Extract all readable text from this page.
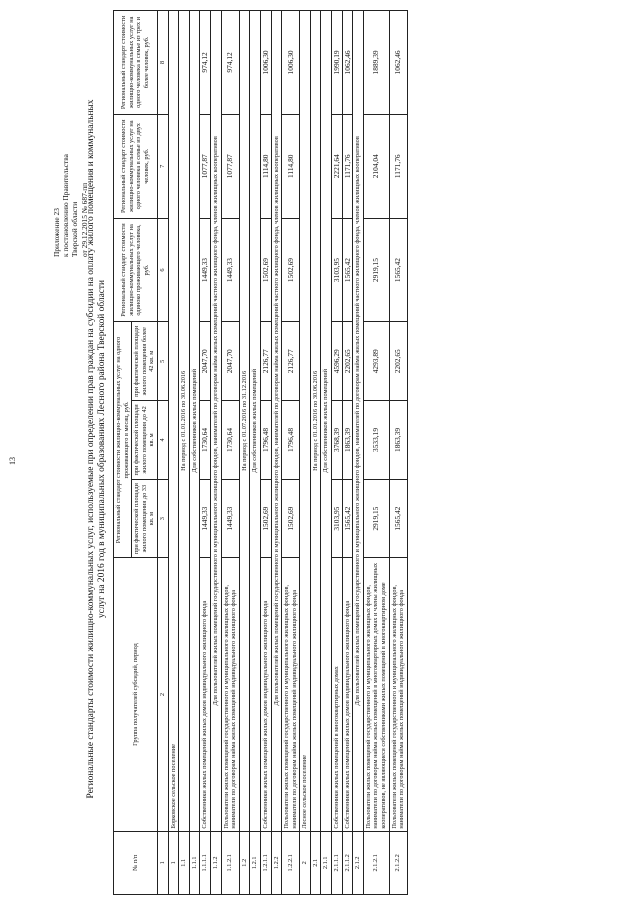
13
Приложение 23 к постановлению Правительства Тверской области от 29.12.2015 № 687-пп
Региональные стандарты стоимости жилищно-коммунальных услуг, используемые при определении прав граждан на субсидии на оплату жилого помещения и коммунальных услуг на 2016 год в муниципальных образованиях Лесного района Тверской области
№ п/п	Группа получателей субсидий, период	Региональный стандарт стоимости жилищно-коммунальных услуг на одного проживающего в месяц, руб.			Региональный стандарт стоимости жилищно-коммунальных услуг на одиноко проживающего человека, руб.	Региональный стандарт стоимости жилищно-коммунальных услуг на одного человека в семье из двух человек, руб.	Региональный стандарт стоимости жилищно-коммунальных услуг на одного человека в семье из трех и более человек, руб.
		при фактической площади жилого помещения до 33 кв. м	при фактической площади жилого помещения до 42 кв. м	при фактической площади жилого помещения более 42 кв. м			
1	2	3	4	5	6	7	8
1	Борковское сельское поселение						
1.1	На период с 01.01.2016 по 30.06.2016						
1.1.1	Для собственников жилых помещений						
1.1.1.1	Собственники жилых помещений жилых домов индивидуального жилищного фонда	1449,33	1730,64	2047,70	1449,33	1077,87	974,12
1.1.2	Для пользователей жилых помещений государственного и муниципального жилищного фондов, нанимателей по договорам найма жилых помещений частного жилищного фонда, членов жилищных кооперативов						
1.1.2.1	Пользователи жилых помещений государственного и муниципального жилищных фондов, наниматели по договорам найма жилых помещений индивидуального жилищного фонда	1449,33	1730,64	2047,70	1449,33	1077,87	974,12
1.2	На период с 01.07.2016 по 31.12.2016						
1.2.1	Для собственников жилых помещений						
1.2.1.1	Собственники жилых помещений жилых домов индивидуального жилищного фонда	1502,69	1796,48	2126,77	1502,69	1114,80	1006,30
1.2.2	Для пользователей жилых помещений государственного и муниципального жилищного фондов, нанимателей по договорам найма жилых помещений частного жилищного фонда, членов жилищных кооперативов						
1.2.2.1	Пользователи жилых помещений государственного и муниципального жилищных фондов, наниматели по договорам найма жилых помещений индивидуального жилищного фонда	1502,69	1796,48	2126,77	1502,69	1114,80	1006,30
2	Лесное сельское поселение						
2.1	На период с 01.01.2016 по 30.06.2016						
2.1.1	Для собственников жилых помещений						
2.1.1.1	Собственники жилых помещений в многоквартирных домах	3103,95	3768,39	4596,29	3103,95	2221,64	1990,19
2.1.1.2	Собственники жилых помещений жилых домов индивидуального жилищного фонда	1565,42	1863,39	2202,65	1565,42	1171,76	1062,46
2.1.2	Для пользователей жилых помещений государственного и муниципального жилищного фондов, нанимателей по договорам найма жилых помещений частного жилищного фонда, членов жилищных кооперативов						
2.1.2.1	Пользователи жилых помещений государственного и муниципального жилищных фондов, наниматели по договорам найма жилых помещений в многоквартирных домах и члены жилищных кооперативов, не являющиеся собственниками жилых помещений в многоквартирном доме	2919,15	3533,19	4293,89	2919,15	2104,04	1889,39
2.1.2.2	Пользователи жилых помещений государственного и муниципального жилищных фондов, наниматели по договорам найма жилых помещений индивидуального жилищного фонда	1565,42	1863,39	2202,65	1565,42	1171,76	1062,46
